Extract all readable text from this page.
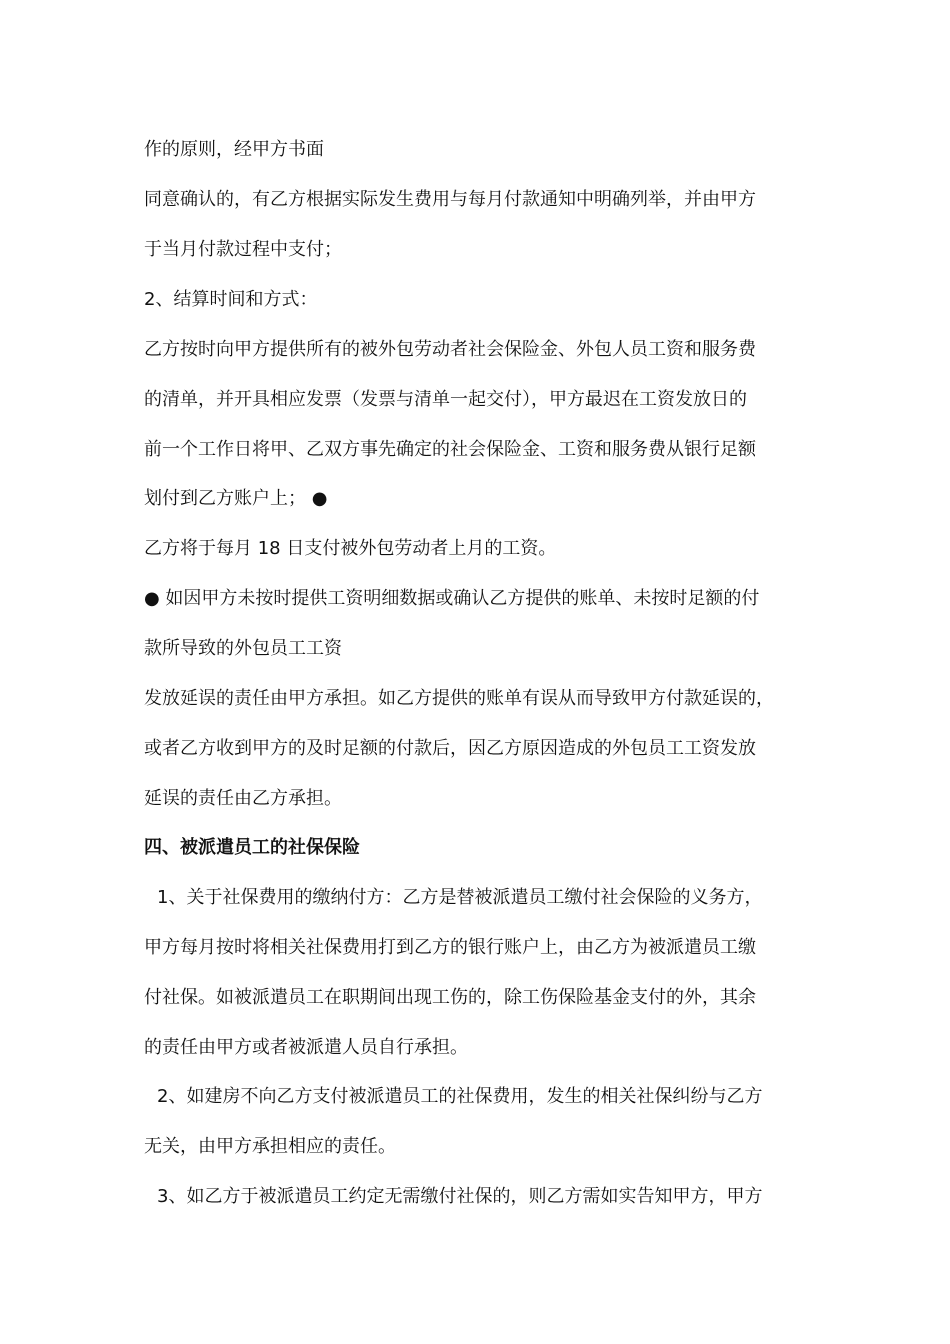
作的原则，经甲方书面
同意确认的，有乙方根据实际发生费用与每月付款通知中明确列举，并由甲方
于当月付款过程中支付；
2、结算时间和方式：
乙方按时向甲方提供所有的被外包劳动者社会保险金、外包人员工资和服务费
的清单，并开具相应发票（发票与清单一起交付），甲方最迟在工资发放日的
前一个工作日将甲、乙双方事先确定的社会保险金、工资和服务费从银行足额
划付到乙方账户上； ●
乙方将于每月 18 日支付被外包劳动者上月的工资。
● 如因甲方未按时提供工资明细数据或确认乙方提供的账单、未按时足额的付
款所导致的外包员工工资
发放延误的责任由甲方承担。如乙方提供的账单有误从而导致甲方付款延误的，
或者乙方收到甲方的及时足额的付款后，因乙方原因造成的外包员工工资发放
延误的责任由乙方承担。
四、被派遣员工的社保保险
1、关于社保费用的缴纳付方：乙方是替被派遣员工缴付社会保险的义务方，
甲方每月按时将相关社保费用打到乙方的银行账户上，由乙方为被派遣员工缴
付社保。如被派遣员工在职期间出现工伤的，除工伤保险基金支付的外，其余
的责任由甲方或者被派遣人员自行承担。
2、如建房不向乙方支付被派遣员工的社保费用，发生的相关社保纠纷与乙方
无关，由甲方承担相应的责任。
3、如乙方于被派遣员工约定无需缴付社保的，则乙方需如实告知甲方，甲方
